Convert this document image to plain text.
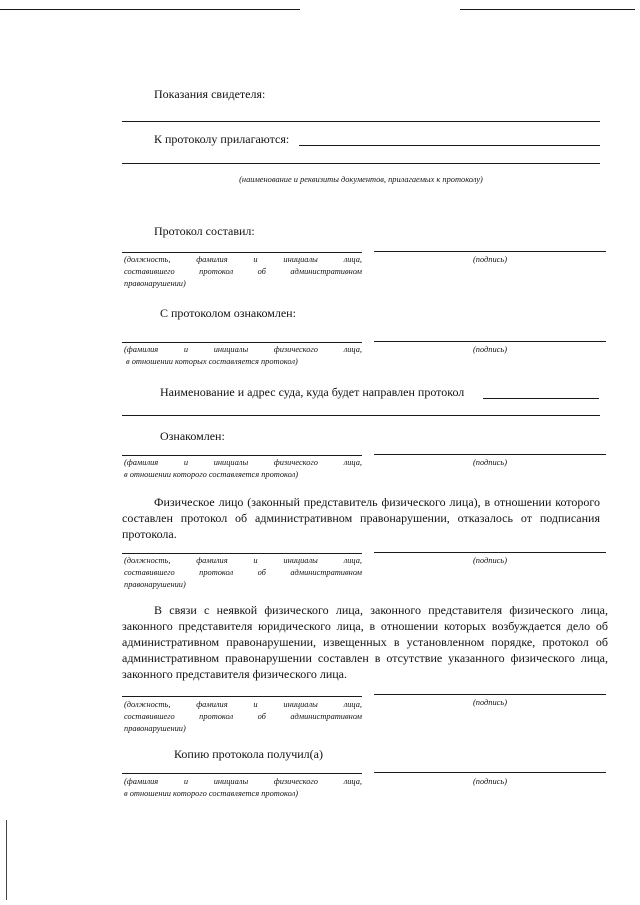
Показания свидетеля:
К протоколу прилагаются:
(наименование и реквизиты документов, прилагаемых к протоколу)
Протокол составил:
(должность, фамилия и инициалы лица,
составившего протокол об административном
правонарушении)
(подпись)
С протоколом ознакомлен:
(фамилия и инициалы физического лица,
в отношении которых составляется протокол)
(подпись)
Наименование и адрес суда, куда будет направлен протокол
Ознакомлен:
(фамилия и инициалы физического лица,
в отношении которого составляется протокол)
(подпись)
Физическое лицо (законный представитель физического лица), в отношении которого составлен протокол об административном правонарушении, отказалось от подписания протокола.
(должность, фамилия и инициалы лица,
составившего протокол об административном
правонарушении)
(подпись)
В связи с неявкой физического лица, законного представителя физического лица, законного представителя юридического лица, в отношении которых возбуждается дело об административном правонарушении, извещенных в установленном порядке, протокол об административном правонарушении составлен в отсутствие указанного физического лица, законного представителя физического лица.
(должность, фамилия и инициалы лица,
составившего протокол об административном
правонарушении)
(подпись)
Копию протокола получил(а)
(фамилия и инициалы физического лица,
в отношении которого составляется протокол)
(подпись)
